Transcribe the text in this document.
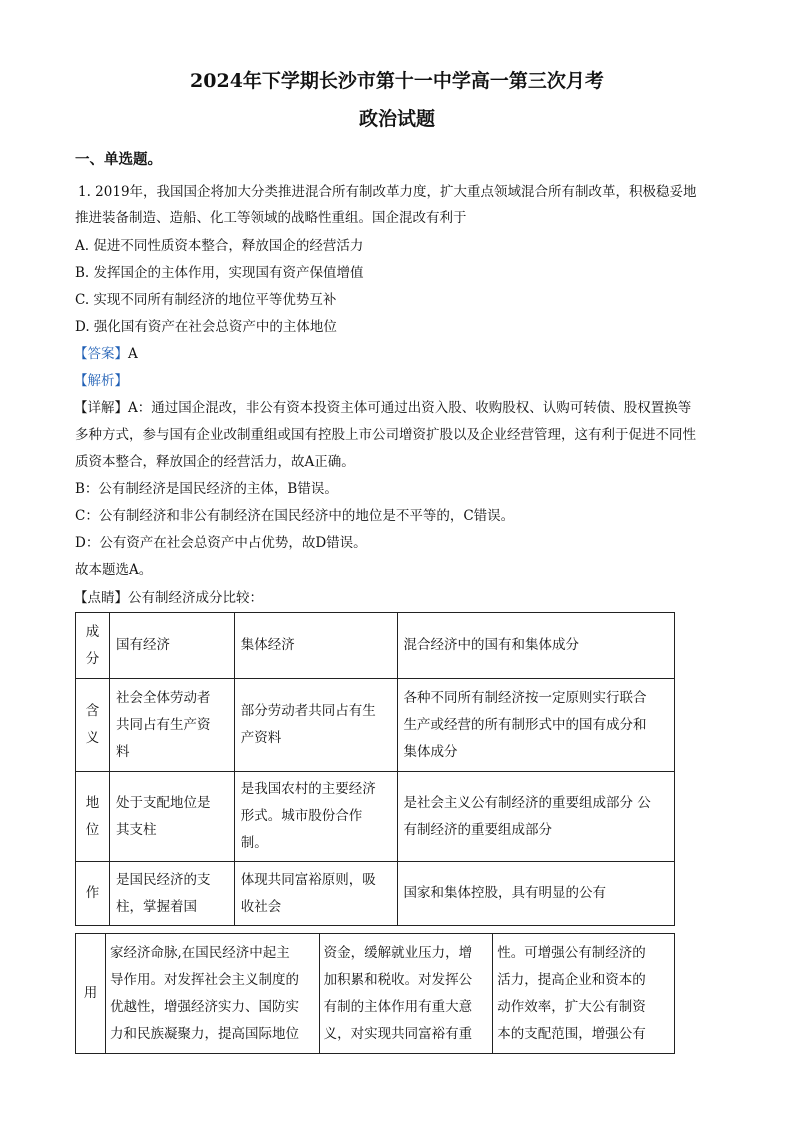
2024年下学期长沙市第十一中学高一第三次月考
政治试题
一、单选题。
1. 2019年，我国国企将加大分类推进混合所有制改革力度，扩大重点领域混合所有制改革，积极稳妥地
推进装备制造、造船、化工等领域的战略性重组。国企混改有利于
A. 促进不同性质资本整合，释放国企的经营活力
B. 发挥国企的主体作用，实现国有资产保值增值
C. 实现不同所有制经济的地位平等优势互补
D. 强化国有资产在社会总资产中的主体地位
【答案】A
【解析】
【详解】A：通过国企混改，非公有资本投资主体可通过出资入股、收购股权、认购可转债、股权置换等
多种方式，参与国有企业改制重组或国有控股上市公司增资扩股以及企业经营管理，这有利于促进不同性
质资本整合，释放国企的经营活力，故A正确。
B：公有制经济是国民经济的主体，B错误。
C：公有制经济和非公有制经济在国民经济中的地位是不平等的，C错误。
D：公有资产在社会总资产中占优势，故D错误。
故本题选A。
【点睛】公有制经济成分比较：
成
分	国有经济	集体经济	混合经济中的国有和集体成分
含
义	社会全体劳动者
共同占有生产资
料	部分劳动者共同占有生
产资料	各种不同所有制经济按一定原则实行联合
生产或经营的所有制形式中的国有成分和
集体成分
地
位	处于支配地位是
其支柱	是我国农村的主要经济
形式。城市股份合作
制。	是社会主义公有制经济的重要组成部分 公
有制经济的重要组成部分
作	是国民经济的支
柱，掌握着国	体现共同富裕原则，吸
收社会	国家和集体控股，具有明显的公有
用	家经济命脉,在国民经济中起主
导作用。对发挥社会主义制度的
优越性，增强经济实力、国防实
力和民族凝聚力，提高国际地位	资金，缓解就业压力，增
加积累和税收。对发挥公
有制的主体作用有重大意
义，对实现共同富裕有重	性。可增强公有制经济的
活力，提高企业和资本的
动作效率，扩大公有制资
本的支配范围，增强公有
